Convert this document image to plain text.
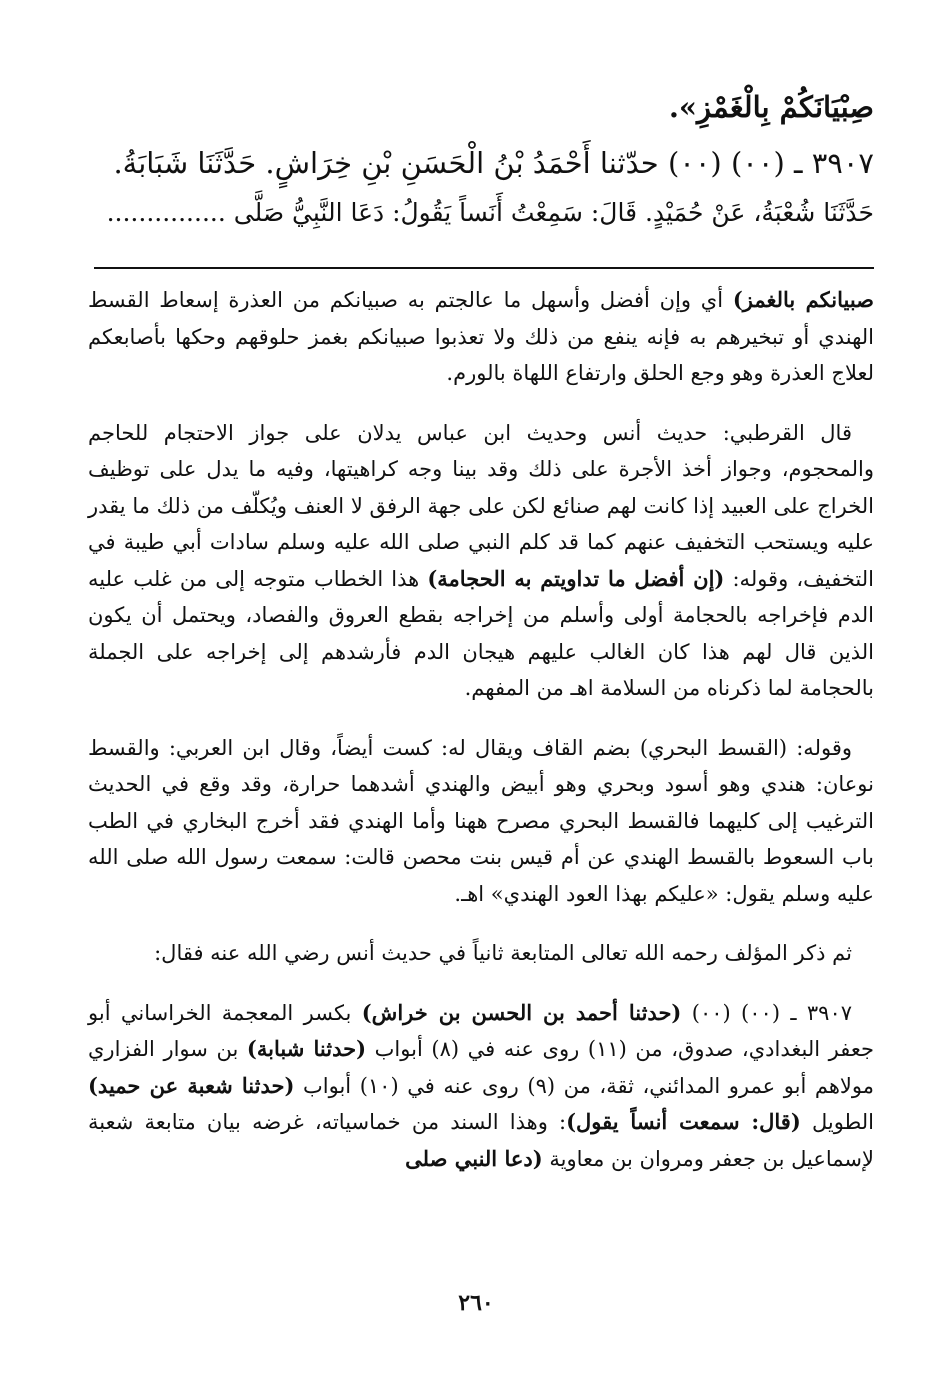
صِبْيَانَكُمْ بِالْغَمْزِ».
٣٩٠٧ ـ (٠٠) (٠٠) حدّثنا أَحْمَدُ بْنُ الْحَسَنِ بْنِ خِرَاشٍ. حَدَّثَنَا شَبَابَةُ.
حَدَّثَنَا شُعْبَةُ، عَنْ حُمَيْدٍ. قَالَ: سَمِعْتُ أَنَساً يَقُولُ: دَعَا النَّبِيُّ صَلَّى ...............

صبيانكم بالغمز) أي وإن أفضل وأسهل ما عالجتم به صبيانكم من العذرة إسعاط القسط الهندي أو تبخيرهم به فإنه ينفع من ذلك ولا تعذبوا صبيانكم بغمز حلوقهم وحكها بأصابعكم لعلاج العذرة وهو وجع الحلق وارتفاع اللهاة بالورم.

قال القرطبي: حديث أنس وحديث ابن عباس يدلان على جواز الاحتجام للحاجم والمحجوم، وجواز أخذ الأجرة على ذلك وقد بينا وجه كراهيتها، وفيه ما يدل على توظيف الخراج على العبيد إذا كانت لهم صنائع لكن على جهة الرفق لا العنف ويُكلّف من ذلك ما يقدر عليه ويستحب التخفيف عنهم كما قد كلم النبي صلى الله عليه وسلم سادات أبي طيبة في التخفيف، وقوله: (إن أفضل ما تداويتم به الحجامة) هذا الخطاب متوجه إلى من غلب عليه الدم فإخراجه بالحجامة أولى وأسلم من إخراجه بقطع العروق والفصاد، ويحتمل أن يكون الذين قال لهم هذا كان الغالب عليهم هيجان الدم فأرشدهم إلى إخراجه على الجملة بالحجامة لما ذكرناه من السلامة اهـ من المفهم.

وقوله: (القسط البحري) بضم القاف ويقال له: كست أيضاً، وقال ابن العربي: والقسط نوعان: هندي وهو أسود وبحري وهو أبيض والهندي أشدهما حرارة، وقد وقع في الحديث الترغيب إلى كليهما فالقسط البحري مصرح ههنا وأما الهندي فقد أخرج البخاري في الطب باب السعوط بالقسط الهندي عن أم قيس بنت محصن قالت: سمعت رسول الله صلى الله عليه وسلم يقول: «عليكم بهذا العود الهندي» اهـ.

ثم ذكر المؤلف رحمه الله تعالى المتابعة ثانياً في حديث أنس رضي الله عنه فقال:

٣٩٠٧ ـ (٠٠) (٠٠) (حدثنا أحمد بن الحسن بن خراش) بكسر المعجمة الخراساني أبو جعفر البغدادي، صدوق، من (١١) روى عنه في (٨) أبواب (حدثنا شبابة) بن سوار الفزاري مولاهم أبو عمرو المدائني، ثقة، من (٩) روى عنه في (١٠) أبواب (حدثنا شعبة عن حميد) الطويل (قال: سمعت أنساً يقول): وهذا السند من خماسياته، غرضه بيان متابعة شعبة لإسماعيل بن جعفر ومروان بن معاوية (دعا النبي صلى

٢٦٠
